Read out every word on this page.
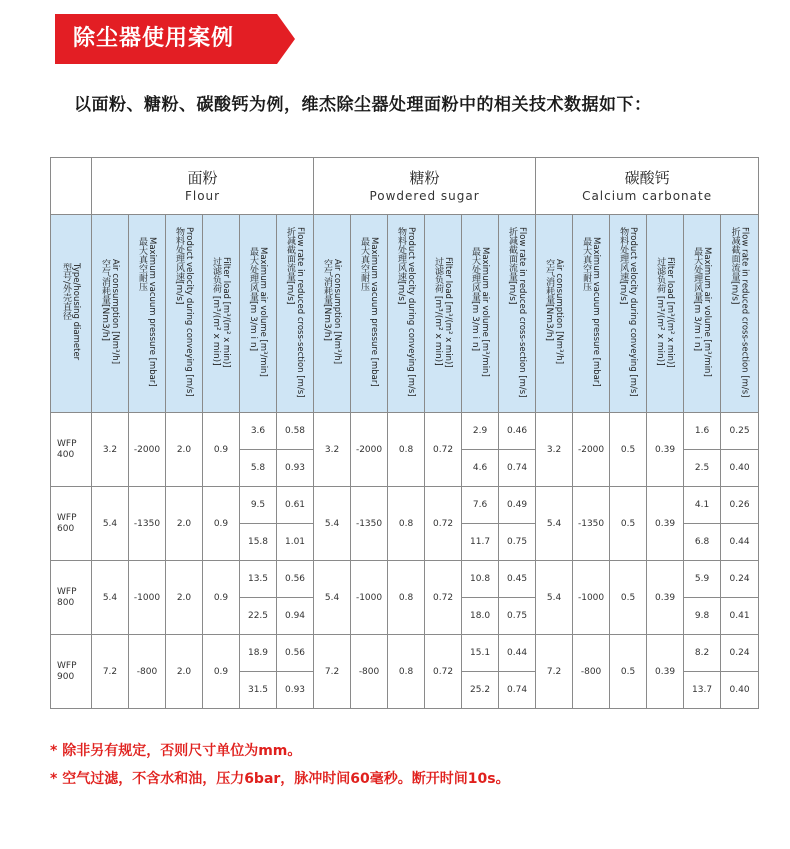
除尘器使用案例
以面粉、糖粉、碳酸钙为例，维杰除尘器处理面粉中的相关技术数据如下：

	面粉
Flour						糖粉
Powdered sugar						碳酸钙
Calcium carbonate					

Type/housing diameter
型号/外壳直径	Air consumption [Nm³/h]
空气消耗量[Nm3/h]	Maximum vacuum pressure [mbar]
最大真空耐压	Product velocity during conveying [m/s]
物料处理风速[m/s]	Filter load [m³/(m² x min)]
过滤负荷 [m³/(m² x min)]	Maximum air volume [m³/min]
最大处理风量[m 3/m i n]	Flow rate in reduced cross-section [m/s]
折减截面流量[m/s]	Air consumption [Nm³/h]
空气消耗量[Nm3/h]	Maximum vacuum pressure [mbar]
最大真空耐压	Product velocity during conveying [m/s]
物料处理风速[m/s]	Filter load [m³/(m² x min)]
过滤负荷 [m³/(m² x min)]	Maximum air volume [m³/min]
最大处理风量[m 3/m i n]	Flow rate in reduced cross-section [m/s]
折减截面流量[m/s]	Air consumption [Nm³/h]
空气消耗量[Nm3/h]	Maximum vacuum pressure [mbar]
最大真空耐压	Product velocity during conveying [m/s]
物料处理风速[m/s]	Filter load [m³/(m² x min)]
过滤负荷 [m³/(m² x min)]	Maximum air volume [m³/min]
最大处理风量[m 3/m i n]	Flow rate in reduced cross-section [m/s]
折减截面流量[m/s]
WFP
400	3.2	-2000	2.0	0.9	3.6	0.58	3.2	-2000	0.8	0.72	2.9	0.46	3.2	-2000	0.5	0.39	1.6	0.25
					5.8	0.93					4.6	0.74					2.5	0.40
WFP
600	5.4	-1350	2.0	0.9	9.5	0.61	5.4	-1350	0.8	0.72	7.6	0.49	5.4	-1350	0.5	0.39	4.1	0.26
					15.8	1.01					11.7	0.75					6.8	0.44
WFP
800	5.4	-1000	2.0	0.9	13.5	0.56	5.4	-1000	0.8	0.72	10.8	0.45	5.4	-1000	0.5	0.39	5.9	0.24
					22.5	0.94					18.0	0.75					9.8	0.41
WFP
900	7.2	-800	2.0	0.9	18.9	0.56	7.2	-800	0.8	0.72	15.1	0.44	7.2	-800	0.5	0.39	8.2	0.24
					31.5	0.93					25.2	0.74					13.7	0.40
* 除非另有规定，否则尺寸单位为mm。
* 空气过滤，不含水和油，压力6bar，脉冲时间60毫秒。断开时间10s。
